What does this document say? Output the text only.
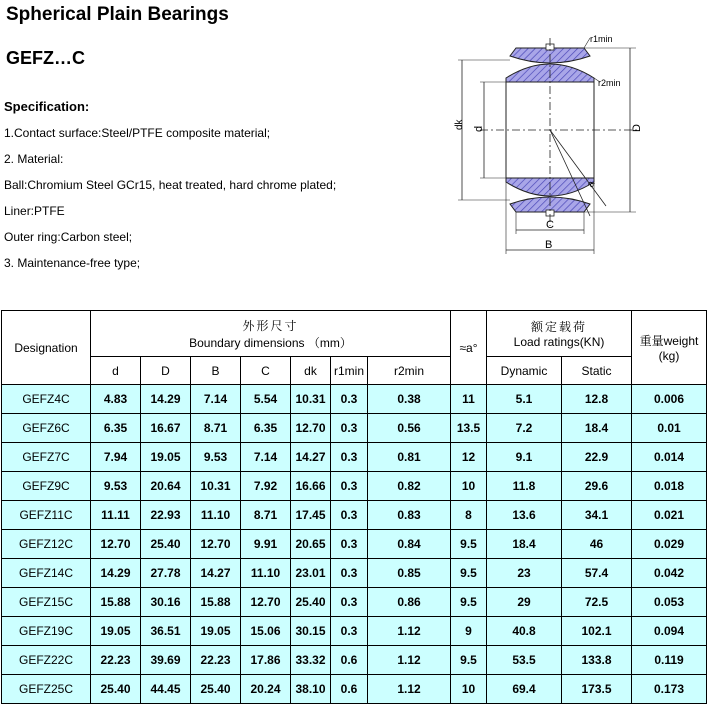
Spherical Plain Bearings
GEFZ…C
Specification:
1.Contact surface:Steel/PTFE composite material;
2. Material:
Ball:Chromium Steel GCr15, heat treated, hard chrome plated;
Liner:PTFE
Outer ring:Carbon steel;
3. Maintenance-free type;
dk d	D
r1min
r2min
a
C
B
Designation	外形尺寸
Boundary dimensions （mm）							≈a°	额定载荷
Load ratings(KN)		重量weight
(kg)

	d	D	B	C	dk	r1min	r2min		Dynamic	Static	
GEFZ4C	4.83	14.29	7.14	5.54	10.31	0.3	0.38	11	5.1	12.8	0.006
GEFZ6C	6.35	16.67	8.71	6.35	12.70	0.3	0.56	13.5	7.2	18.4	0.01
GEFZ7C	7.94	19.05	9.53	7.14	14.27	0.3	0.81	12	9.1	22.9	0.014
GEFZ9C	9.53	20.64	10.31	7.92	16.66	0.3	0.82	10	11.8	29.6	0.018
GEFZ11C	11.11	22.93	11.10	8.71	17.45	0.3	0.83	8	13.6	34.1	0.021
GEFZ12C	12.70	25.40	12.70	9.91	20.65	0.3	0.84	9.5	18.4	46	0.029
GEFZ14C	14.29	27.78	14.27	11.10	23.01	0.3	0.85	9.5	23	57.4	0.042
GEFZ15C	15.88	30.16	15.88	12.70	25.40	0.3	0.86	9.5	29	72.5	0.053
GEFZ19C	19.05	36.51	19.05	15.06	30.15	0.3	1.12	9	40.8	102.1	0.094
GEFZ22C	22.23	39.69	22.23	17.86	33.32	0.6	1.12	9.5	53.5	133.8	0.119
GEFZ25C	25.40	44.45	25.40	20.24	38.10	0.6	1.12	10	69.4	173.5	0.173
